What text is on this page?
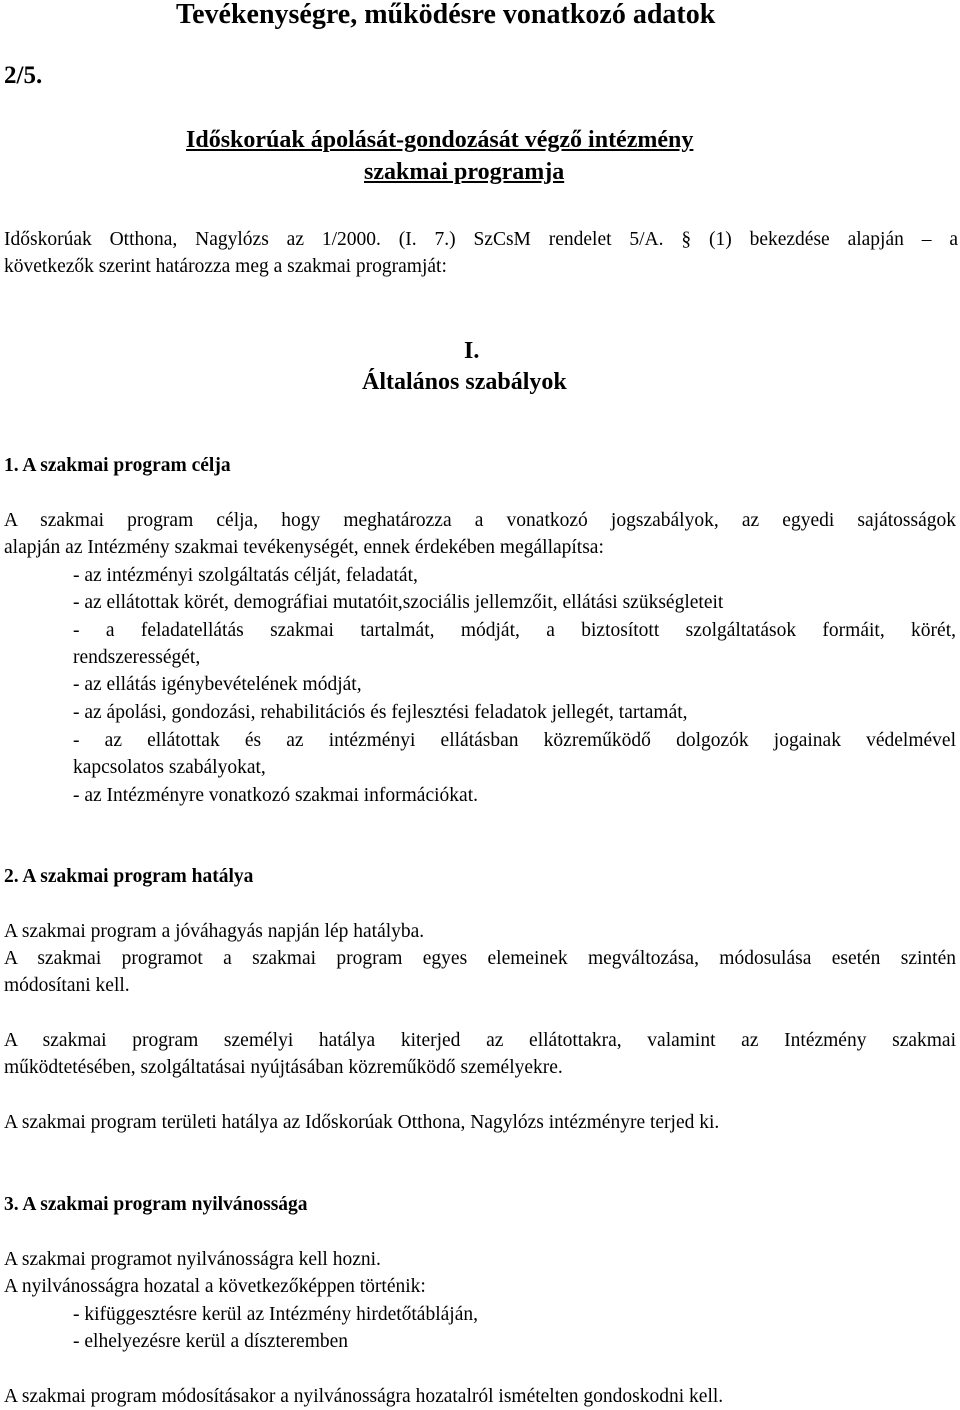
Tevékenységre, működésre vonatkozó adatok
2/5.
Időskorúak ápolását-gondozását végző intézmény
szakmai programja
Időskorúak Otthona, Nagylózs az 1/2000. (I. 7.) SzCsM rendelet 5/A. § (1) bekezdése alapján – a
következők szerint határozza meg a szakmai programját:
I.
Általános szabályok
1. A szakmai program célja
A szakmai program célja, hogy meghatározza a vonatkozó jogszabályok, az egyedi sajátosságok
alapján az Intézmény szakmai tevékenységét, ennek érdekében megállapítsa:
- az intézményi szolgáltatás célját, feladatát,
- az ellátottak körét, demográfiai mutatóit,szociális jellemzőit, ellátási szükségleteit
- a feladatellátás szakmai tartalmát, módját, a biztosított szolgáltatások formáit, körét,
rendszerességét,
- az ellátás igénybevételének módját,
- az ápolási, gondozási, rehabilitációs és fejlesztési feladatok jellegét, tartamát,
- az ellátottak és az intézményi ellátásban közreműködő dolgozók jogainak védelmével
kapcsolatos szabályokat,
- az Intézményre vonatkozó szakmai információkat.
2. A szakmai program hatálya
A szakmai program a jóváhagyás napján lép hatályba.
A szakmai programot a szakmai program egyes elemeinek megváltozása, módosulása esetén szintén
módosítani kell.
A szakmai program személyi hatálya kiterjed az ellátottakra, valamint az Intézmény szakmai
működtetésében, szolgáltatásai nyújtásában közreműködő személyekre.
A szakmai program területi hatálya az Időskorúak Otthona, Nagylózs intézményre terjed ki.
3. A szakmai program nyilvánossága
A szakmai programot nyilvánosságra kell hozni.
A nyilvánosságra hozatal a következőképpen történik:
- kifüggesztésre kerül az Intézmény hirdetőtábláján,
- elhelyezésre kerül a díszteremben
A szakmai program módosításakor a nyilvánosságra hozatalról ismételten gondoskodni kell.
